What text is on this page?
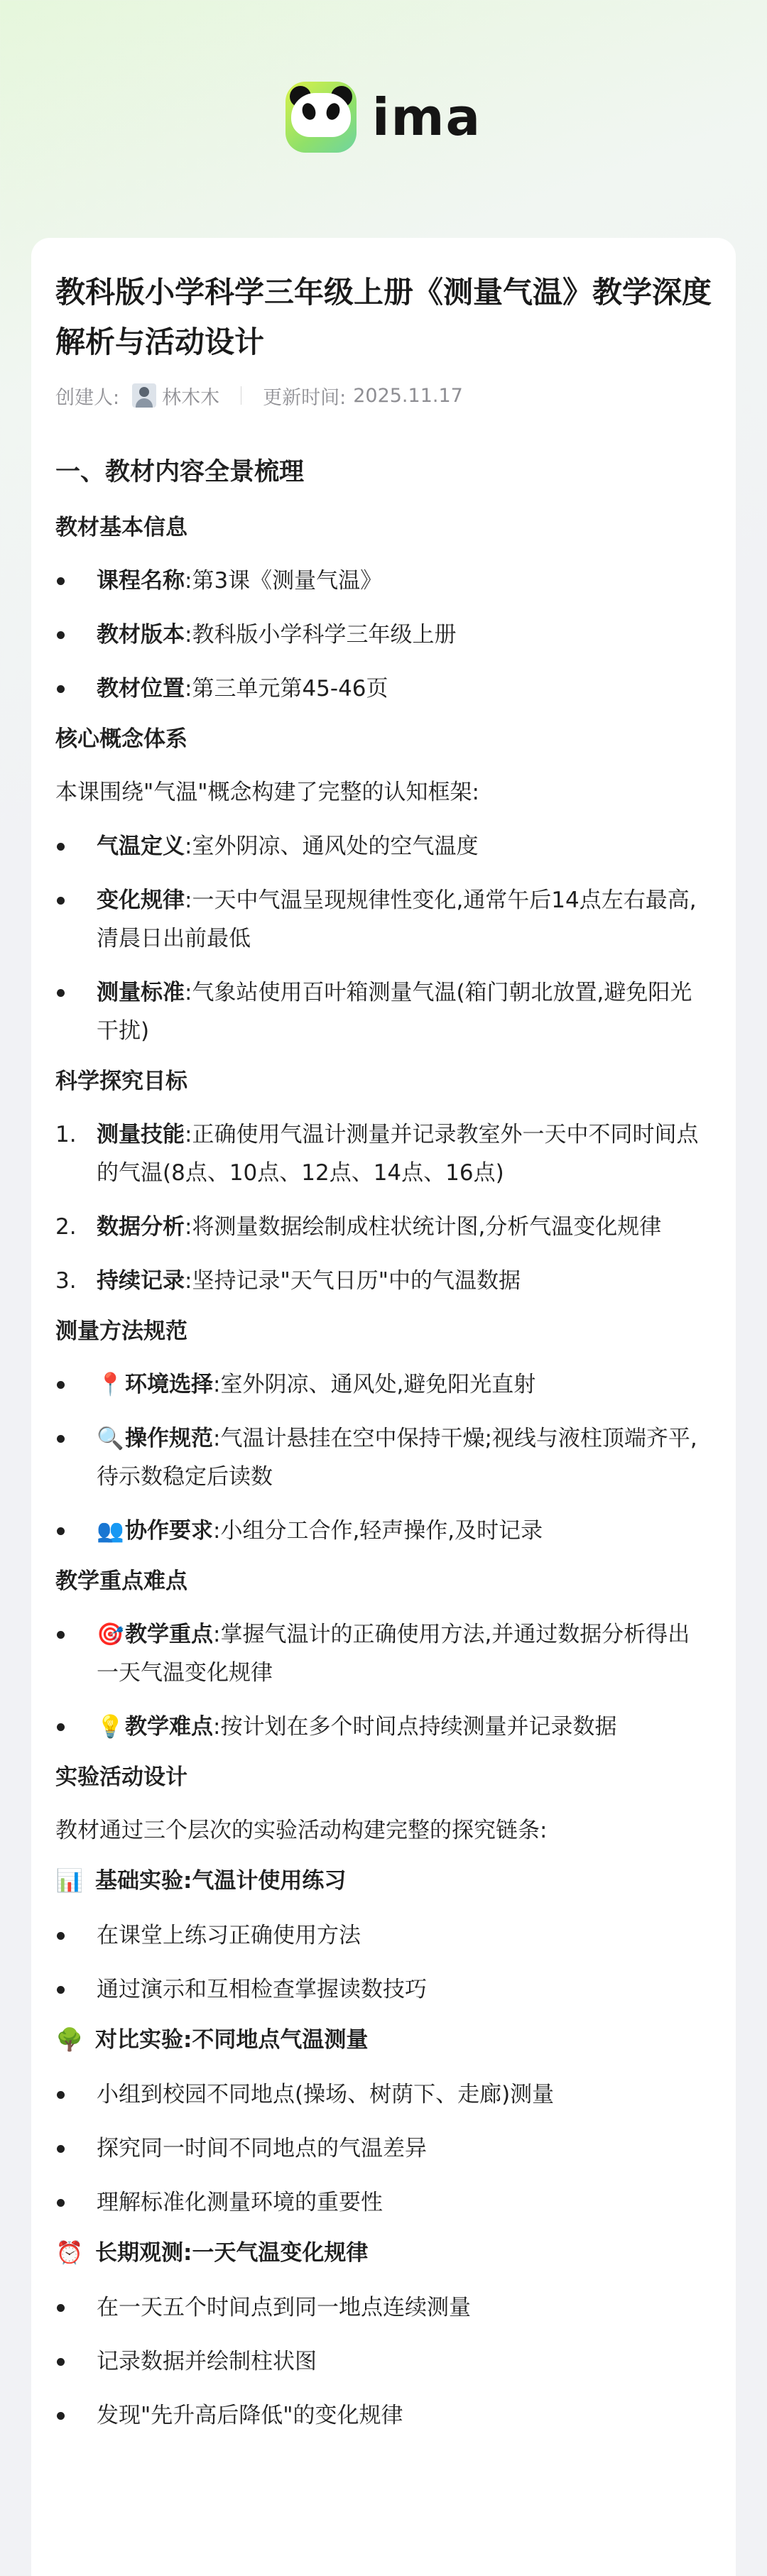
ima
教科版小学科学三年级上册《测量气温》教学深度解析与活动设计
创建人: 林木木 更新时间: 2025.11.17
一、教材内容全景梳理
教材基本信息
课程名称:第3课《测量气温》
教材版本:教科版小学科学三年级上册
教材位置:第三单元第45-46页
核心概念体系

本课围绕"气温"概念构建了完整的认知框架:

气温定义:室外阴凉、通风处的空气温度
变化规律:一天中气温呈现规律性变化,通常午后14点左右最高,清晨日出前最低
测量标准:气象站使用百叶箱测量气温(箱门朝北放置,避免阳光干扰)
科学探究目标
1. 测量技能:正确使用气温计测量并记录教室外一天中不同时间点的气温(8点、10点、12点、14点、16点)
2. 数据分析:将测量数据绘制成柱状统计图,分析气温变化规律
3. 持续记录:坚持记录"天气日历"中的气温数据
测量方法规范
📍环境选择:室外阴凉、通风处,避免阳光直射
🔍操作规范:气温计悬挂在空中保持干燥;视线与液柱顶端齐平,待示数稳定后读数
👥协作要求:小组分工合作,轻声操作,及时记录
教学重点难点
🎯教学重点:掌握气温计的正确使用方法,并通过数据分析得出一天气温变化规律
💡教学难点:按计划在多个时间点持续测量并记录数据
实验活动设计

教材通过三个层次的实验活动构建完整的探究链条:

📊 基础实验:气温计使用练习
在课堂上练习正确使用方法
通过演示和互相检查掌握读数技巧
🌳 对比实验:不同地点气温测量
小组到校园不同地点(操场、树荫下、走廊)测量
探究同一时间不同地点的气温差异
理解标准化测量环境的重要性
⏰ 长期观测:一天气温变化规律
在一天五个时间点到同一地点连续测量
记录数据并绘制柱状图
发现"先升高后降低"的变化规律
